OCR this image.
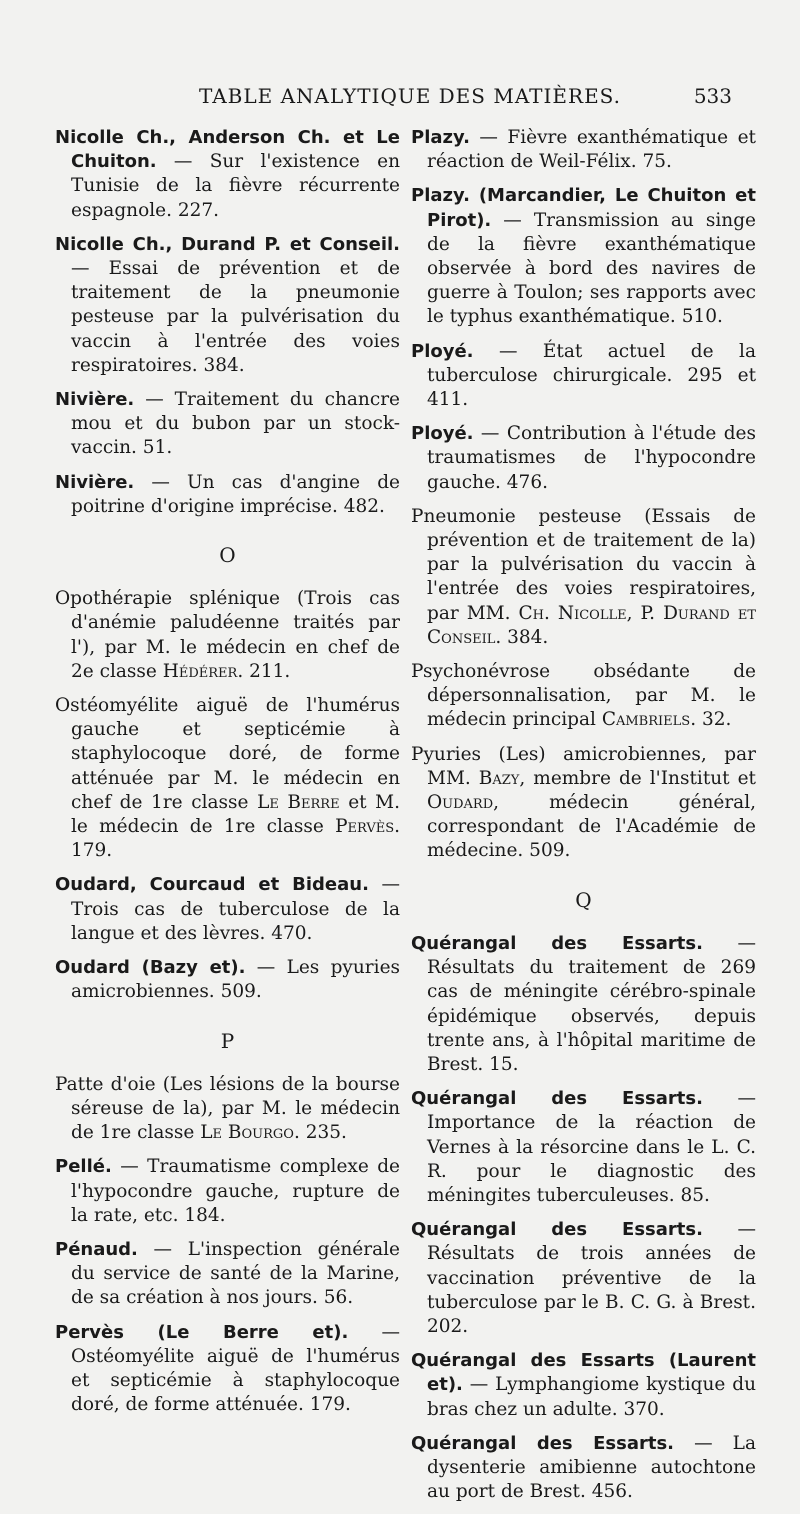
TABLE ANALYTIQUE DES MATIÈRES.	533

Nicolle Ch., Anderson Ch. et Le Chuiton. — Sur l'existence en Tunisie de la fièvre récurrente espagnole. 227.

Nicolle Ch., Durand P. et Conseil. — Essai de prévention et de traitement de la pneumonie pesteuse par la pulvérisation du vaccin à l'entrée des voies respiratoires. 384.

Nivière. — Traitement du chancre mou et du bubon par un stock-vaccin. 51.

Nivière. — Un cas d'angine de poitrine d'origine imprécise. 482.

O

Opothérapie splénique (Trois cas d'anémie paludéenne traités par l'), par M. le médecin en chef de 2e classe Hédérer. 211.

Ostéomyélite aiguë de l'humérus gauche et septicémie à staphylocoque doré, de forme atténuée par M. le médecin en chef de 1re classe Le Berre et M. le médecin de 1re classe Pervès. 179.

Oudard, Courcaud et Bideau. — Trois cas de tuberculose de la langue et des lèvres. 470.

Oudard (Bazy et). — Les pyuries amicrobiennes. 509.

P

Patte d'oie (Les lésions de la bourse séreuse de la), par M. le médecin de 1re classe Le Bourgo. 235.

Pellé. — Traumatisme complexe de l'hypocondre gauche, rupture de la rate, etc. 184.

Pénaud. — L'inspection générale du service de santé de la Marine, de sa création à nos jours. 56.

Pervès (Le Berre et). — Ostéomyélite aiguë de l'humérus et septicémie à staphylocoque doré, de forme atténuée. 179.

Plazy. — Fièvre exanthématique et réaction de Weil-Félix. 75.

Plazy. (Marcandier, Le Chuiton et Pirot). — Transmission au singe de la fièvre exanthématique observée à bord des navires de guerre à Toulon; ses rapports avec le typhus exanthématique. 510.

Ployé. — État actuel de la tuberculose chirurgicale. 295 et 411.

Ployé. — Contribution à l'étude des traumatismes de l'hypocondre gauche. 476.

Pneumonie pesteuse (Essais de prévention et de traitement de la) par la pulvérisation du vaccin à l'entrée des voies respiratoires, par MM. Ch. Nicolle, P. Durand et Conseil. 384.

Psychonévrose obsédante de dépersonnalisation, par M. le médecin principal Cambriels. 32.

Pyuries (Les) amicrobiennes, par MM. Bazy, membre de l'Institut et Oudard, médecin général, correspondant de l'Académie de médecine. 509.

Q

Quérangal des Essarts. — Résultats du traitement de 269 cas de méningite cérébro-spinale épidémique observés, depuis trente ans, à l'hôpital maritime de Brest. 15.

Quérangal des Essarts. — Importance de la réaction de Vernes à la résorcine dans le L. C. R. pour le diagnostic des méningites tuberculeuses. 85.

Quérangal des Essarts. — Résultats de trois années de vaccination préventive de la tuberculose par le B. C. G. à Brest. 202.

Quérangal des Essarts (Laurent et). — Lymphangiome kystique du bras chez un adulte. 370.

Quérangal des Essarts. — La dysenterie amibienne autochtone au port de Brest. 456.
